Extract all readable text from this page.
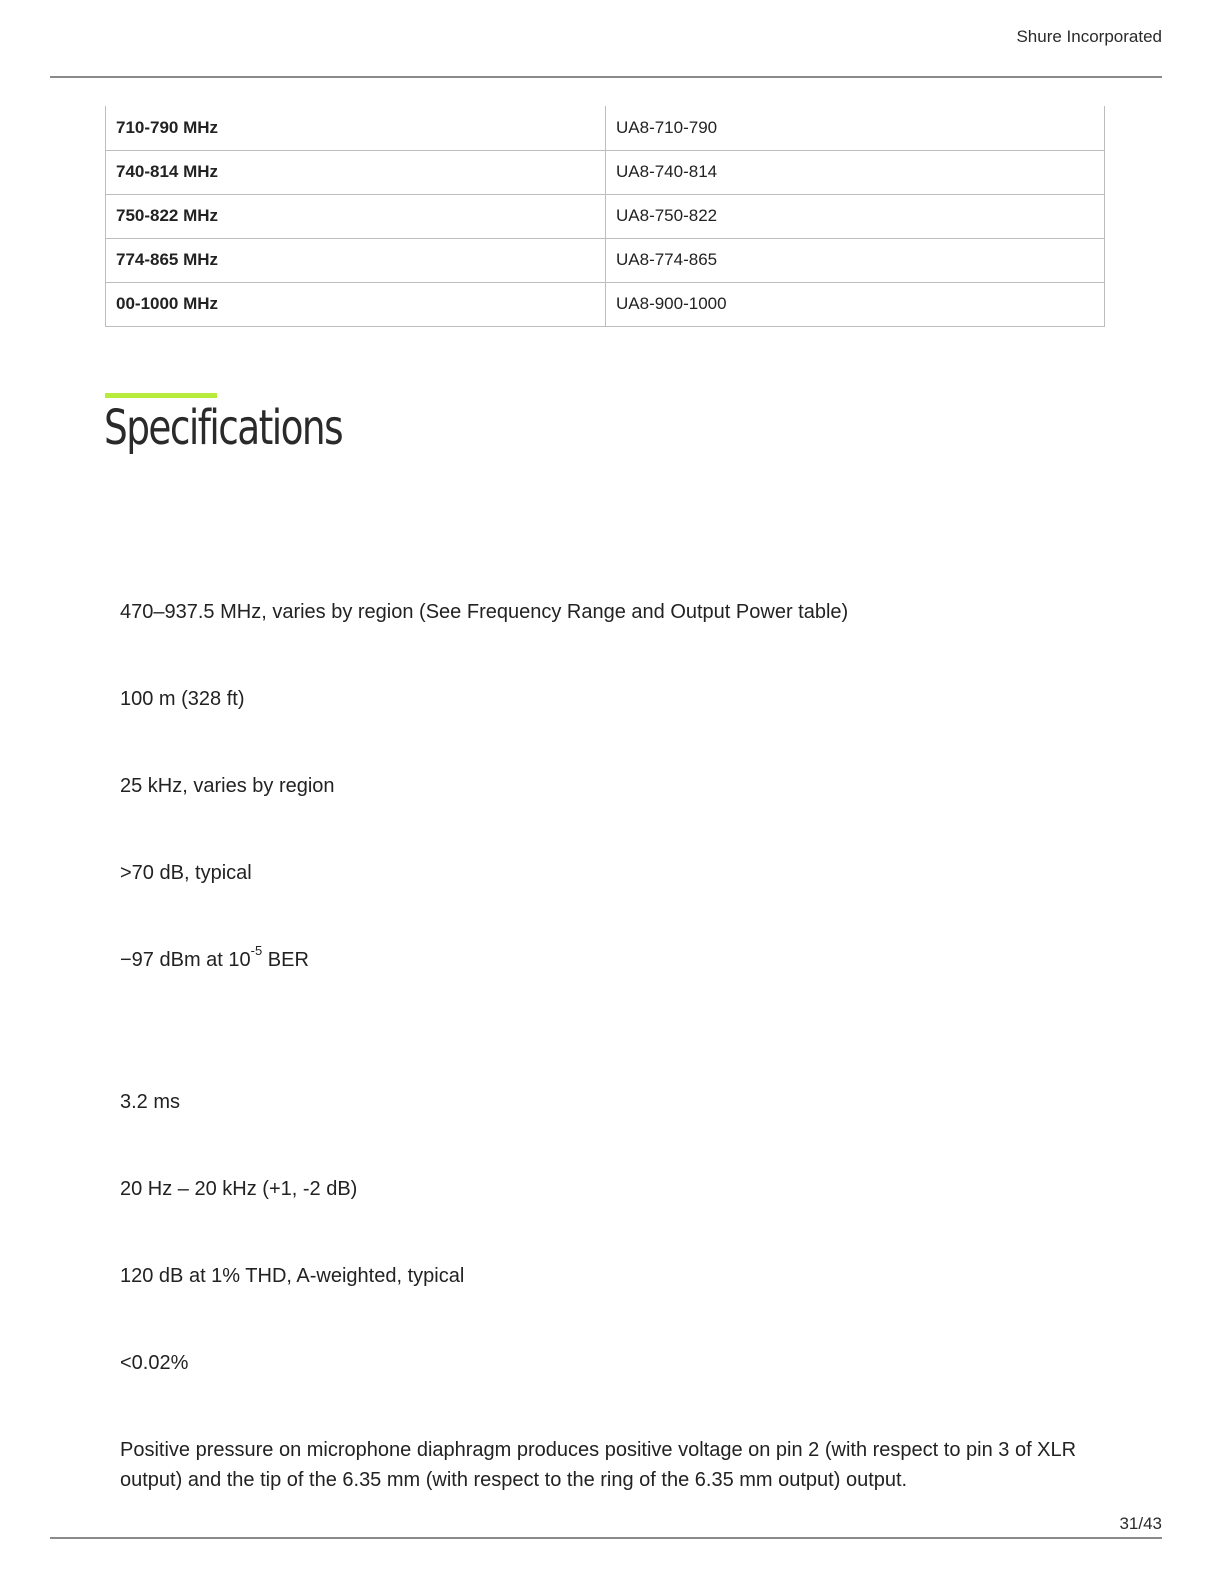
Shure Incorporated
710-790 MHz	UA8-710-790
740-814 MHz	UA8-740-814
750-822 MHz	UA8-750-822
774-865 MHz	UA8-774-865
00-1000 MHz	UA8-900-1000
Specifications

470–937.5 MHz, varies by region (See Frequency Range and Output Power table)

100 m (328 ft)

25 kHz, varies by region

>70 dB, typical

−97 dBm at $10^{-5}$ BER

3.2 ms

20 Hz – 20 kHz (+1, -2 dB)

120 dB at 1% THD, A-weighted, typical

<0.02%

Positive pressure on microphone diaphragm produces positive voltage on pin 2 (with respect to pin 3 of XLR output) and the tip of the 6.35 mm (with respect to the ring of the 6.35 mm output) output.

31/43
